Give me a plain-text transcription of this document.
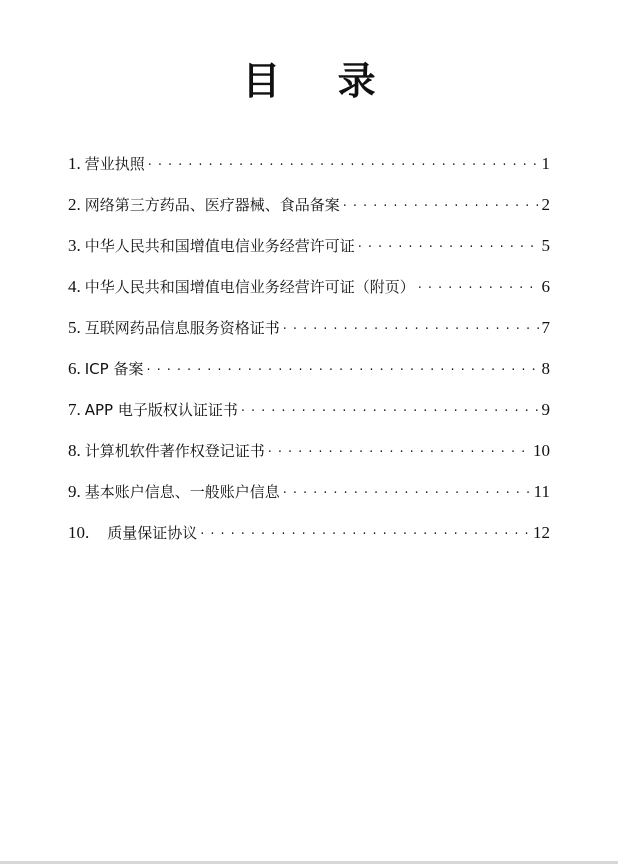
目 录
1. 营业执照 ·····	1
2. 网络第三方药品、医疗器械、食品备案 ·····	2
3. 中华人民共和国增值电信业务经营许可证 ·····	5
4. 中华人民共和国增值电信业务经营许可证（附页） ·····	6
5. 互联网药品信息服务资格证书 ·····	7
6. ICP 备案 ·····	8
7. APP 电子版权认证证书 ·····	9
8. 计算机软件著作权登记证书 ·····	10
9. 基本账户信息、一般账户信息 ·····	11
10. 质量保证协议 ·····	12
